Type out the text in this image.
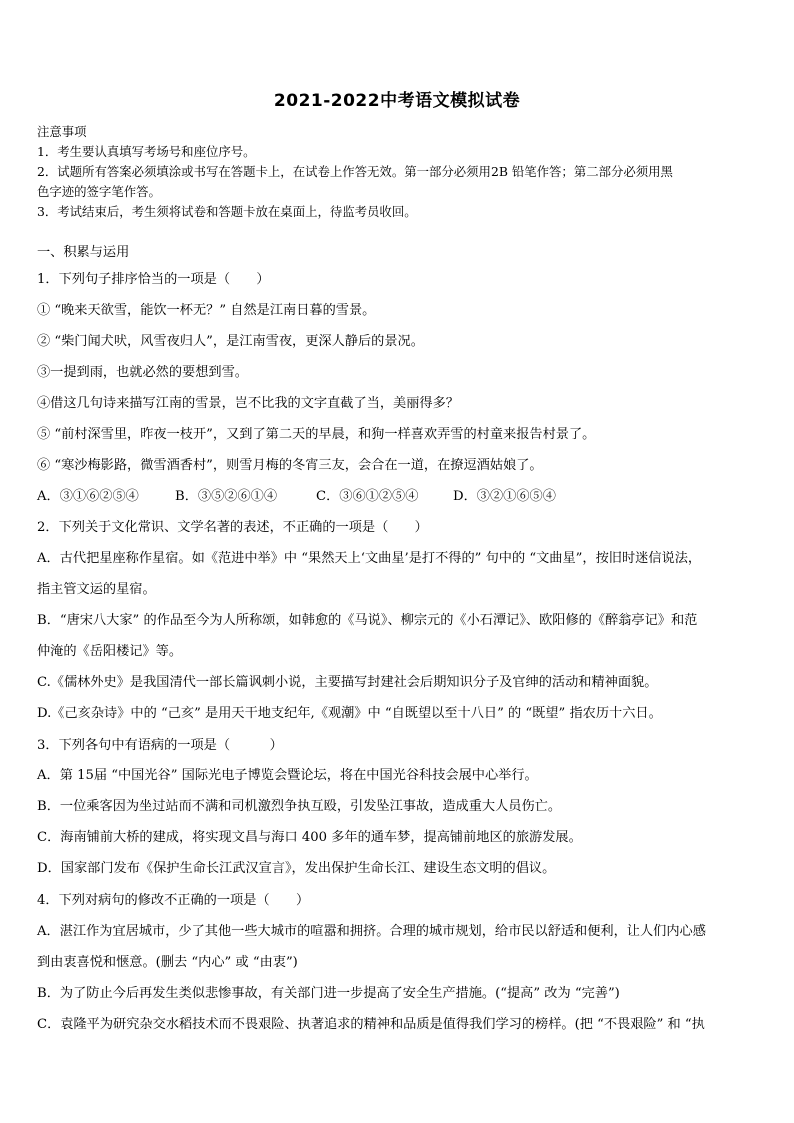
2021-2022中考语文模拟试卷
注意事项
1．考生要认真填写考场号和座位序号。
2．试题所有答案必须填涂或书写在答题卡上，在试卷上作答无效。第一部分必须用2B 铅笔作答；第二部分必须用黑
色字迹的签字笔作答。
3．考试结束后，考生须将试卷和答题卡放在桌面上，待监考员收回。
一、积累与运用
1．下列句子排序恰当的一项是（　　）
① “晚来天欲雪，能饮一杯无？” 自然是江南日暮的雪景。
② “柴门闻犬吠，风雪夜归人”，是江南雪夜，更深人静后的景况。
③一提到雨，也就必然的要想到雪。
④借这几句诗来描写江南的雪景，岂不比我的文字直截了当，美丽得多？
⑤ “前村深雪里，昨夜一枝开”，又到了第二天的早晨，和狗一样喜欢弄雪的村童来报告村景了。
⑥ “寒沙梅影路，微雪酒香村”，则雪月梅的冬宵三友，会合在一道，在撩逗酒姑娘了。
A．③①⑥②⑤④	B．③⑤②⑥①④	C．③⑥①②⑤④	D．③②①⑥⑤④
2．下列关于文化常识、文学名著的表述，不正确的一项是（　　）
A．古代把星座称作星宿。如《范进中举》中 “果然天上‘文曲星’是打不得的” 句中的 “文曲星”，按旧时迷信说法，
指主管文运的星宿。
B．“唐宋八大家” 的作品至今为人所称颂，如韩愈的《马说》、柳宗元的《小石潭记》、欧阳修的《醉翁亭记》和范
仲淹的《岳阳楼记》等。
C.《儒林外史》是我国清代一部长篇讽刺小说，主要描写封建社会后期知识分子及官绅的活动和精神面貌。
D.《己亥杂诗》中的 “己亥” 是用天干地支纪年,《观潮》中 “自既望以至十八日” 的 “既望” 指农历十六日。
3．下列各句中有语病的一项是（　　　）
A．第 15届 “中国光谷” 国际光电子博览会暨论坛，将在中国光谷科技会展中心举行。
B．一位乘客因为坐过站而不满和司机激烈争执互殴，引发坠江事故，造成重大人员伤亡。
C．海南铺前大桥的建成，将实现文昌与海口 400 多年的通车梦，提高铺前地区的旅游发展。
D．国家部门发布《保护生命长江武汉宣言》，发出保护生命长江、建设生态文明的倡议。
4．下列对病句的修改不正确的一项是（　　）
A．湛江作为宜居城市，少了其他一些大城市的喧嚣和拥挤。合理的城市规划，给市民以舒适和便利，让人们内心感
到由衷喜悦和惬意。(删去 “内心” 或 “由衷”)
B．为了防止今后再发生类似悲惨事故，有关部门进一步提高了安全生产措施。(“提高” 改为 “完善”)
C．袁隆平为研究杂交水稻技术而不畏艰险、执著追求的精神和品质是值得我们学习的榜样。(把 “不畏艰险” 和 “执
